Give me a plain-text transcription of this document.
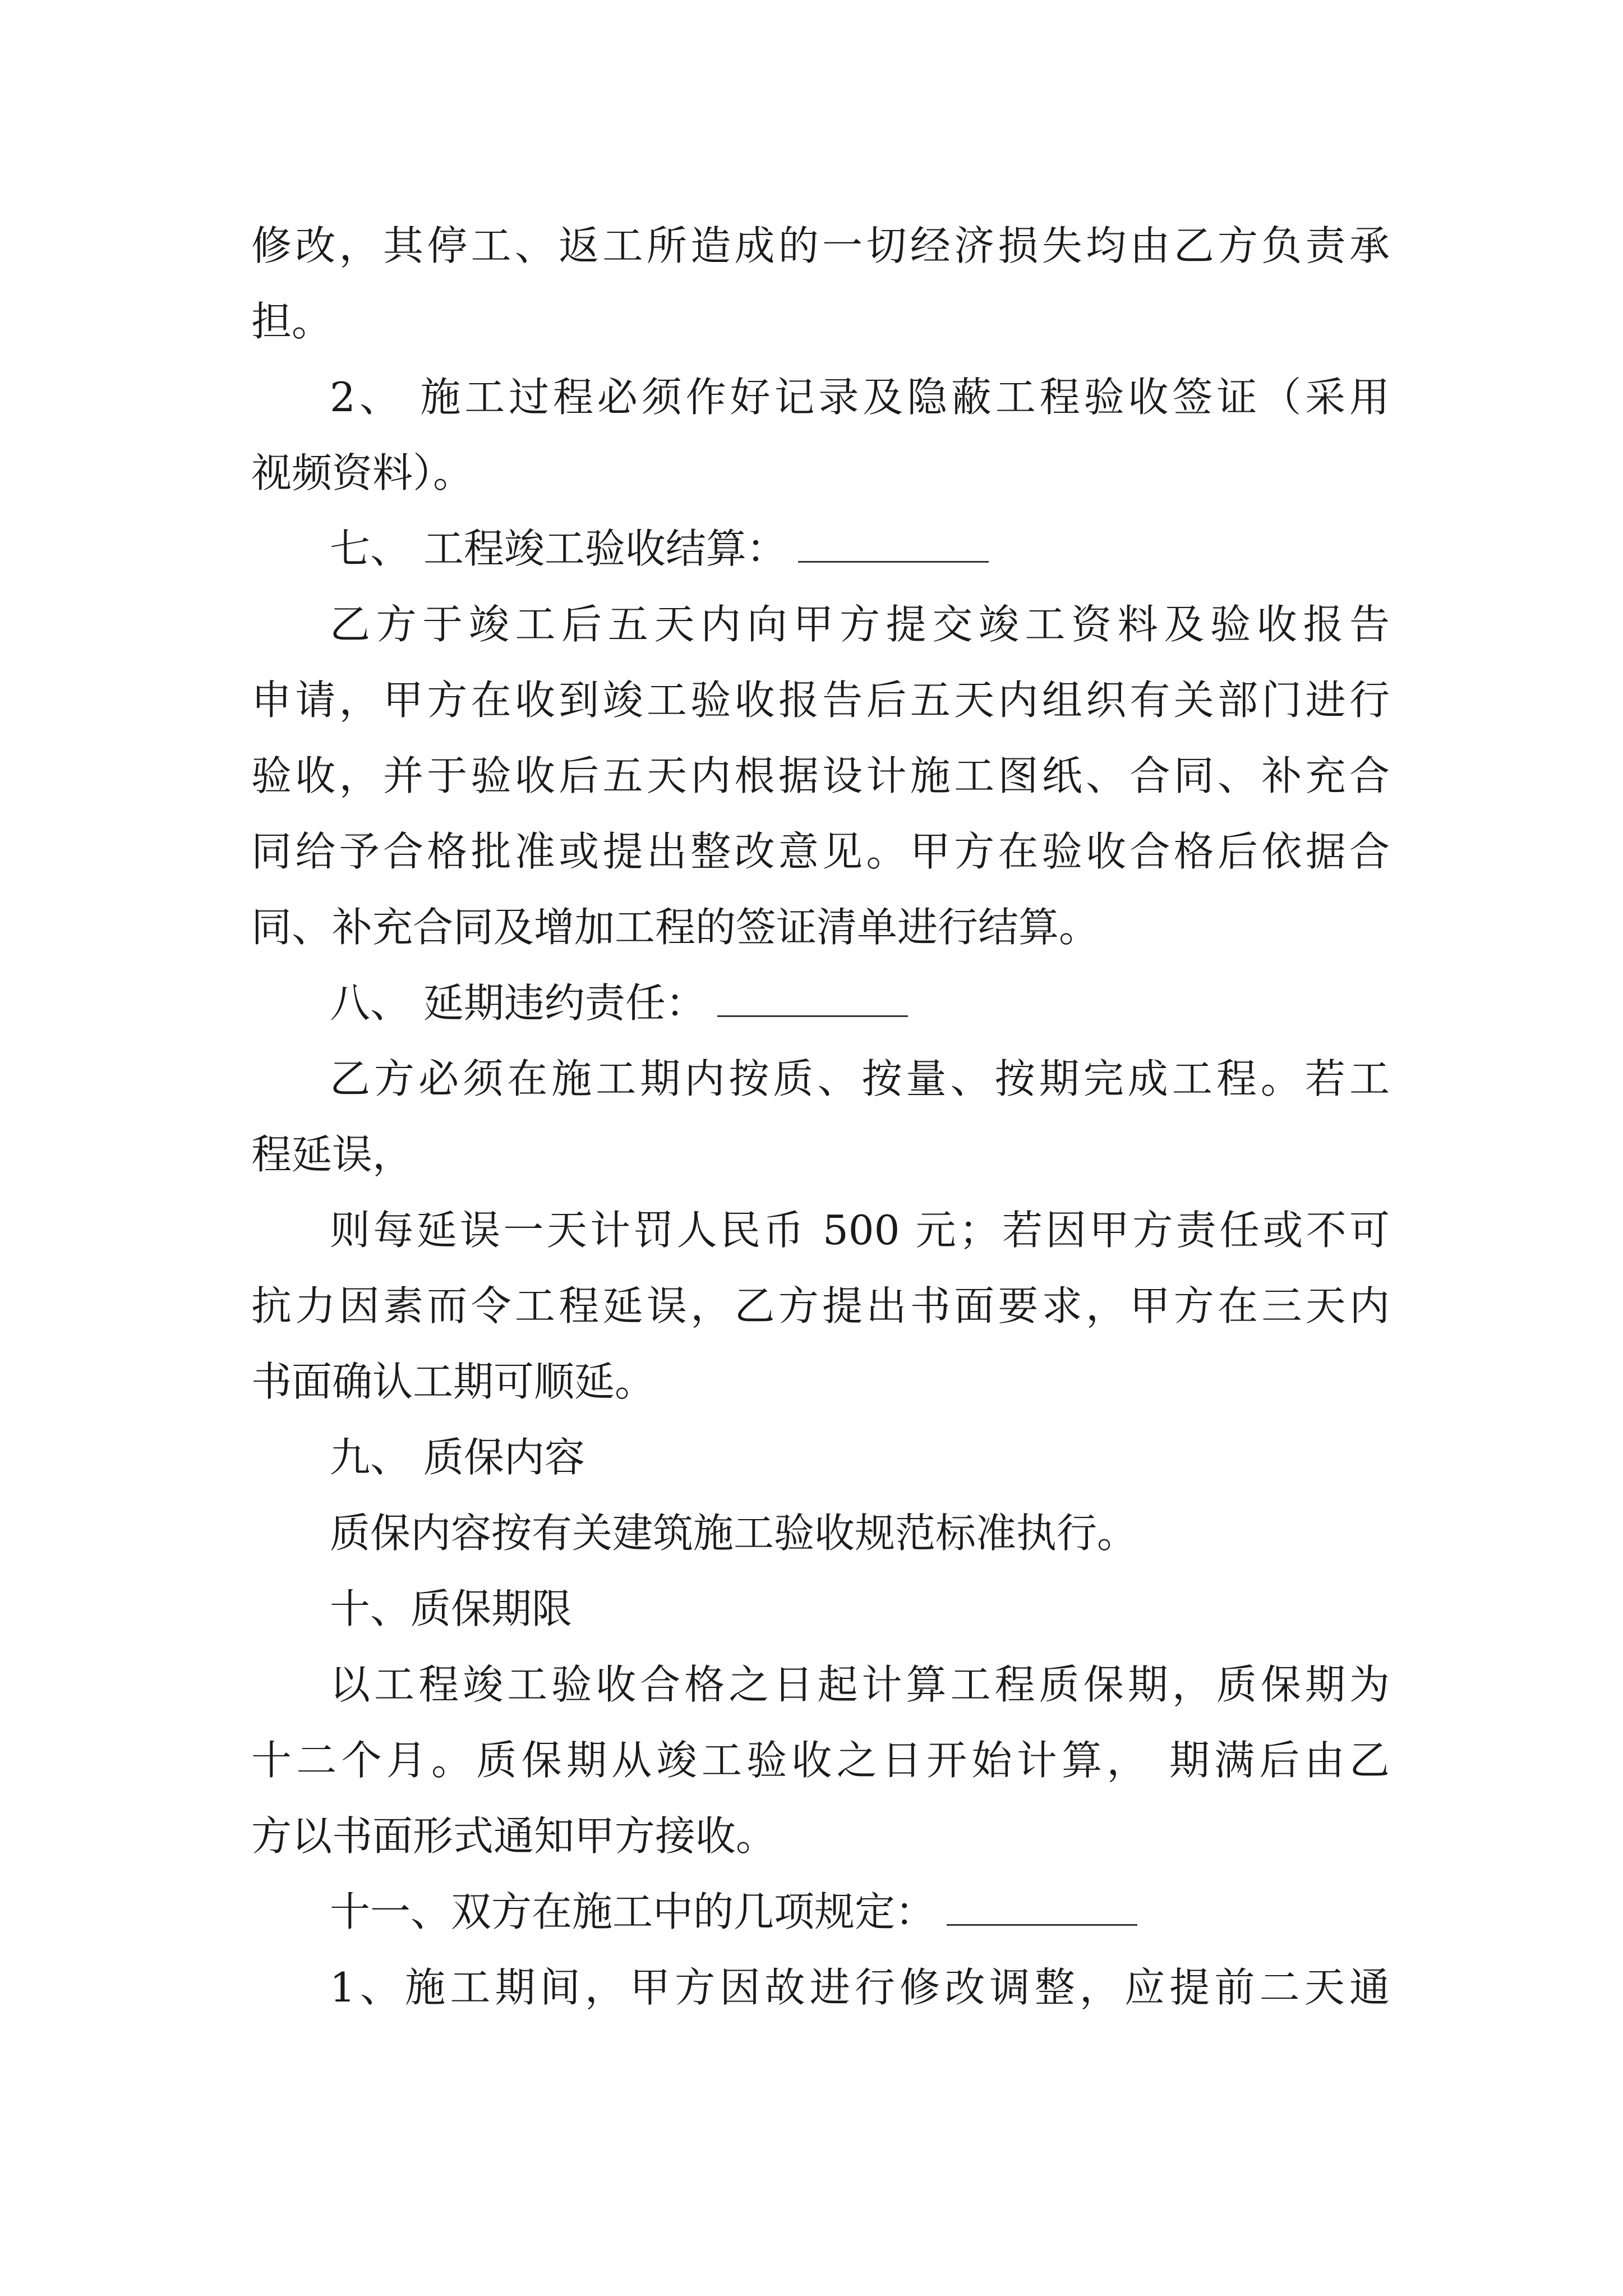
修改，其停工、返工所造成的一切经济损失均由乙方负责承

担。

2、 施工过程必须作好记录及隐蔽工程验收签证（采用

视频资料）。

七、 工程竣工验收结算：

乙方于竣工后五天内向甲方提交竣工资料及验收报告

申请，甲方在收到竣工验收报告后五天内组织有关部门进行

验收，并于验收后五天内根据设计施工图纸、合同、补充合

同给予合格批准或提出整改意见。甲方在验收合格后依据合

同、补充合同及增加工程的签证清单进行结算。

八、 延期违约责任：

乙方必须在施工期内按质、按量、按期完成工程。若工

程延误，

则每延误一天计罚人民币 500 元；若因甲方责任或不可

抗力因素而令工程延误，乙方提出书面要求，甲方在三天内

书面确认工期可顺延。

九、 质保内容

质保内容按有关建筑施工验收规范标准执行。

十、质保期限

以工程竣工验收合格之日起计算工程质保期，质保期为

十二个月。质保期从竣工验收之日开始计算， 期满后由乙

方以书面形式通知甲方接收。

十一、双方在施工中的几项规定：

1、施工期间，甲方因故进行修改调整，应提前二天通
